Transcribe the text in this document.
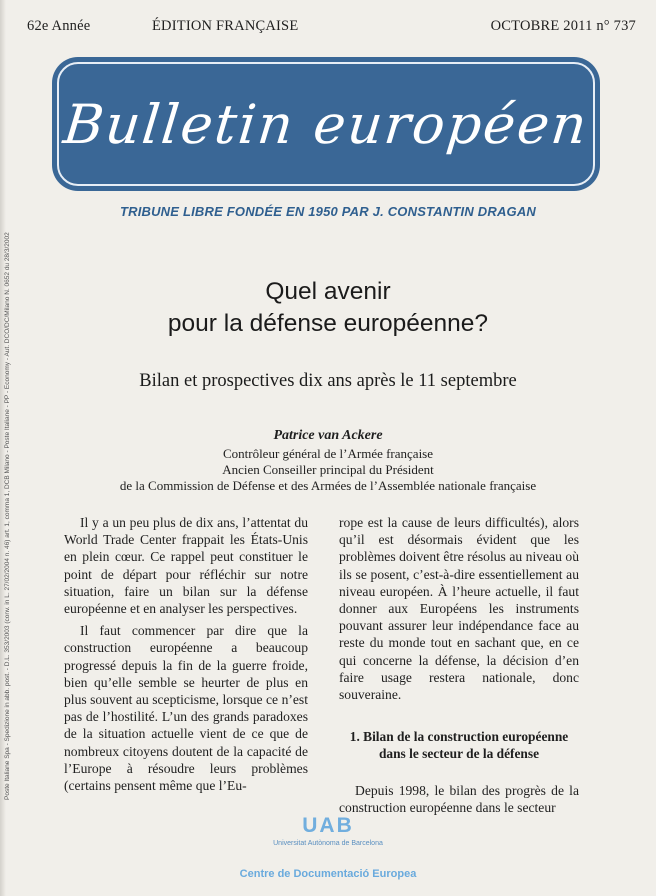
62e Année	ÉDITION FRANÇAISE	OCTOBRE 2011 n° 737
Bulletin européen
TRIBUNE LIBRE FONDÉE EN 1950 PAR J. CONSTANTIN DRAGAN
Poste Italiane Spa - Spedizione in abb. post. - D.L. 353/2003 (conv. in L. 27/02/2004 n. 46) art. 1, comma 1, DCB Milano - Poste Italiane - PP - Economy - Aut. DCO/DC/Milano N. 0652 du 28/3/2002	Quel avenir
pour la défense européenne?
Bilan et prospectives dix ans après le 11 septembre
Patrice van Ackere
Contrôleur général de l’Armée française
Ancien Conseiller principal du Président
de la Commission de Défense et des Armées de l’Assemblée nationale française

Il y a un peu plus de dix ans, l’attentat du World Trade Center frappait les États-Unis en plein cœur. Ce rappel peut constituer le point de départ pour réfléchir sur notre situation, faire un bilan sur la défense européenne et en analyser les perspectives.

Il faut commencer par dire que la construction européenne a beaucoup progressé depuis la fin de la guerre froide, bien qu’elle semble se heurter de plus en plus souvent au scepticisme, lorsque ce n’est pas de l’hostilité. L’un des grands paradoxes de la situation actuelle vient de ce que de nombreux citoyens doutent de la capacité de l’Europe à résoudre leurs problèmes (certains pensent même que l’Eu-

rope est la cause de leurs difficultés), alors qu’il est désormais évident que les problèmes doivent être résolus au niveau où ils se posent, c’est-à-dire essentiellement au niveau européen. À l’heure actuelle, il faut donner aux Européens les instruments pouvant assurer leur indépendance face au reste du monde tout en sachant que, en ce qui concerne la défense, la décision d’en faire usage restera nationale, donc souveraine.

1. Bilan de la construction européenne
dans le secteur de la défense

Depuis 1998, le bilan des progrès de la construction européenne dans le secteur

UAB
Universitat Autònoma de Barcelona
Centre de Documentació Europea
